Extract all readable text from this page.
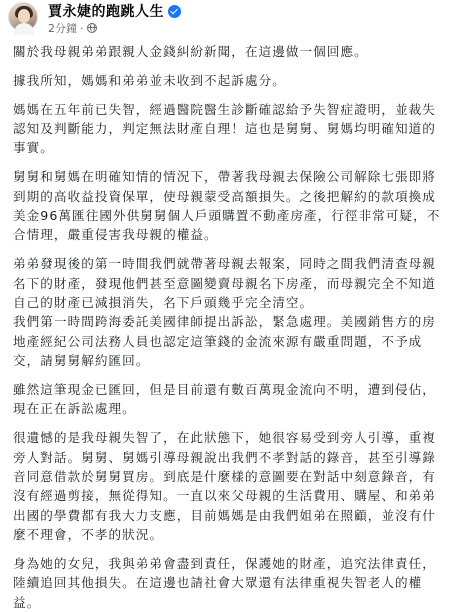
賈永婕的跑跳人生
2分鐘 ·

關於我母親弟弟跟親人金錢糾紛新聞，在這邊做一個回應。

據我所知，媽媽和弟弟並未收到不起訴處分。

媽媽在五年前已失智，經過醫院醫生診斷確認給予失智症證明，並裁失認知及判斷能力，判定無法財產自理！這也是舅舅、舅媽均明確知道的事實。

舅舅和舅媽在明確知情的情況下，帶著我母親去保險公司解除七張即將到期的高收益投資保單，使母親蒙受高額損失。之後把解約的款項換成美金96萬匯往國外供舅舅個人戶頭購置不動產房產，行徑非常可疑，不合情理，嚴重侵害我母親的權益。

弟弟發現後的第一時間我們就帶著母親去報案，同時之間我們清查母親名下的財產，發現他們甚至意圖變賣母親名下房產，而母親完全不知道自己的財產已減損消失，名下戶頭幾乎完全清空。
我們第一時間跨海委託美國律師提出訴訟，緊急處理。美國銷售方的房地產經紀公司法務人員也認定這筆錢的金流來源有嚴重問題，不予成交，請舅舅解約匯回。

雖然這筆現金已匯回，但是目前還有數百萬現金流向不明，遭到侵佔，現在正在訴訟處理。

很遺憾的是我母親失智了，在此狀態下，她很容易受到旁人引導，重複旁人對話。舅舅、舅媽引導母親說出我們不孝對話的錄音，甚至引導錄音同意借款於舅舅買房。到底是什麼樣的意圖要在對話中刻意錄音，有沒有經過剪接，無從得知。一直以來父母親的生活費用、購屋、和弟弟出國的學費都有我大力支應，目前媽媽是由我們姐弟在照顧，並沒有什麼不理會，不孝的狀況。

身為她的女兒，我與弟弟會盡到責任，保護她的財產，追究法律責任，陸續追回其他損失。在這邊也請社會大眾還有法律重視失智老人的權益。
